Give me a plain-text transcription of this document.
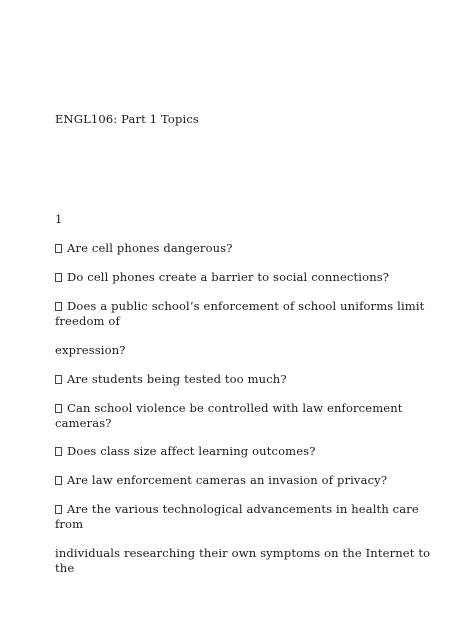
ENGL106: Part 1 Topics
1
Are cell phones dangerous?
Do cell phones create a barrier to social connections?
Does a public school’s enforcement of school uniforms limit
freedom of
expression?
Are students being tested too much?
Can school violence be controlled with law enforcement
cameras?
Does class size affect learning outcomes?
Are law enforcement cameras an invasion of privacy?
Are the various technological advancements in health care
from
individuals researching their own symptoms on the Internet to
the
